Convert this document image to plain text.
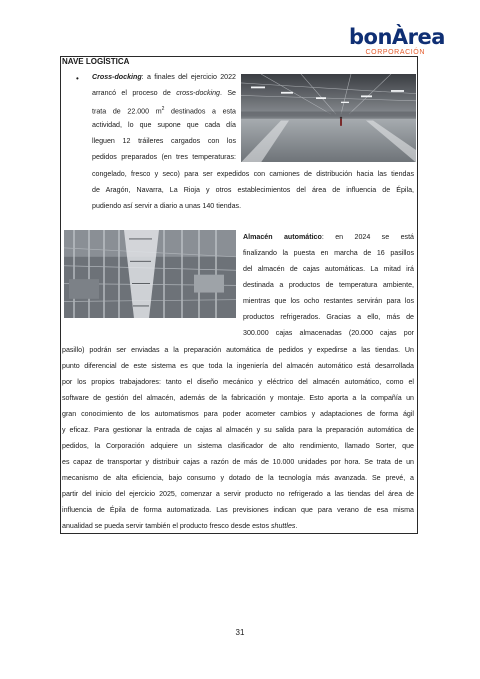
bonÀrea
CORPORACIÓN
NAVE LOGÍSTICA
• Cross-docking: a finales del ejercicio 2022
arrancó el proceso de cross-docking. Se
trata de 22.000 $m^2$ destinados a esta
actividad, lo que supone que cada día
lleguen 12 tráileres cargados con los
pedidos preparados (en tres temperaturas:
congelado, fresco y seco) para ser expedidos con camiones de distribución hacia las tiendas
de Aragón, Navarra, La Rioja y otros establecimientos del área de influencia de Épila,
pudiendo así servir a diario a unas 140 tiendas.
Almacén automático: en 2024 se está
finalizando la puesta en marcha de 16 pasillos
del almacén de cajas automáticas. La mitad irá
destinada a productos de temperatura ambiente,
mientras que los ocho restantes servirán para los
productos refrigerados. Gracias a ello, más de
300.000 cajas almacenadas (20.000 cajas por
pasillo) podrán ser enviadas a la preparación automática de pedidos y expedirse a las tiendas. Un
punto diferencial de este sistema es que toda la ingeniería del almacén automático está desarrollada
por los propios trabajadores: tanto el diseño mecánico y eléctrico del almacén automático, como el
software de gestión del almacén, además de la fabricación y montaje. Esto aporta a la compañía un
gran conocimiento de los automatismos para poder acometer cambios y adaptaciones de forma ágil
y eficaz. Para gestionar la entrada de cajas al almacén y su salida para la preparación automática de
pedidos, la Corporación adquiere un sistema clasificador de alto rendimiento, llamado Sorter, que
es capaz de transportar y distribuir cajas a razón de más de 10.000 unidades por hora. Se trata de un
mecanismo de alta eficiencia, bajo consumo y dotado de la tecnología más avanzada. Se prevé, a
partir del inicio del ejercicio 2025, comenzar a servir producto no refrigerado a las tiendas del área de
influencia de Épila de forma automatizada. Las previsiones indican que para verano de esa misma
anualidad se pueda servir también el producto fresco desde estos shuttles.
31
